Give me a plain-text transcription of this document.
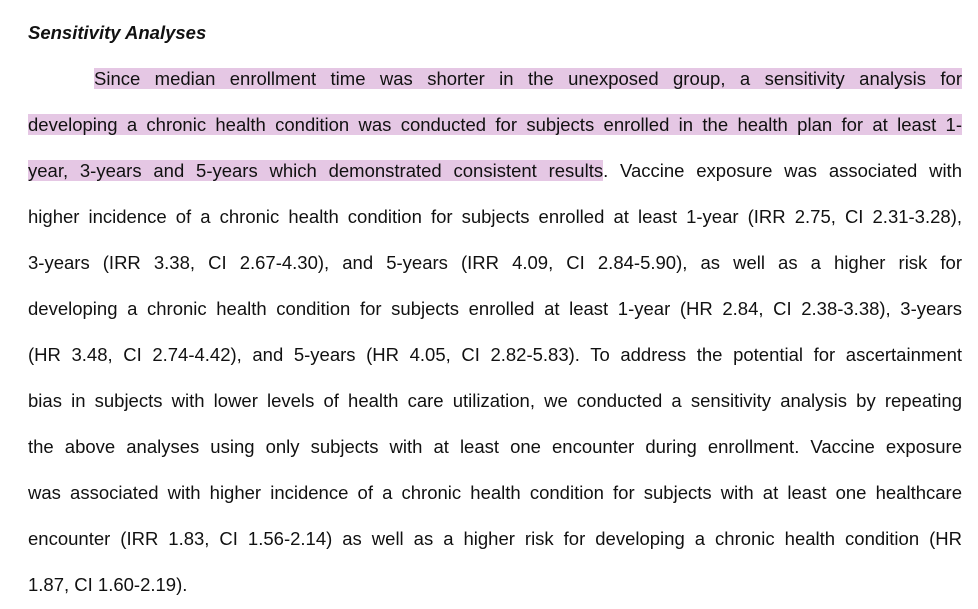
Sensitivity Analyses
Since median enrollment time was shorter in the unexposed group, a sensitivity analysis for
developing a chronic health condition was conducted for subjects enrolled in the health plan for at least 1-
year, 3-years and 5-years which demonstrated consistent results. Vaccine exposure was associated with
higher incidence of a chronic health condition for subjects enrolled at least 1-year (IRR 2.75, CI 2.31-3.28),
3-years (IRR 3.38, CI 2.67-4.30), and 5-years (IRR 4.09, CI 2.84-5.90), as well as a higher risk for
developing a chronic health condition for subjects enrolled at least 1-year (HR 2.84, CI 2.38-3.38), 3-years
(HR 3.48, CI 2.74-4.42), and 5-years (HR 4.05, CI 2.82-5.83). To address the potential for ascertainment
bias in subjects with lower levels of health care utilization, we conducted a sensitivity analysis by repeating
the above analyses using only subjects with at least one encounter during enrollment. Vaccine exposure
was associated with higher incidence of a chronic health condition for subjects with at least one healthcare
encounter (IRR 1.83, CI 1.56-2.14) as well as a higher risk for developing a chronic health condition (HR
1.87, CI 1.60-2.19).
